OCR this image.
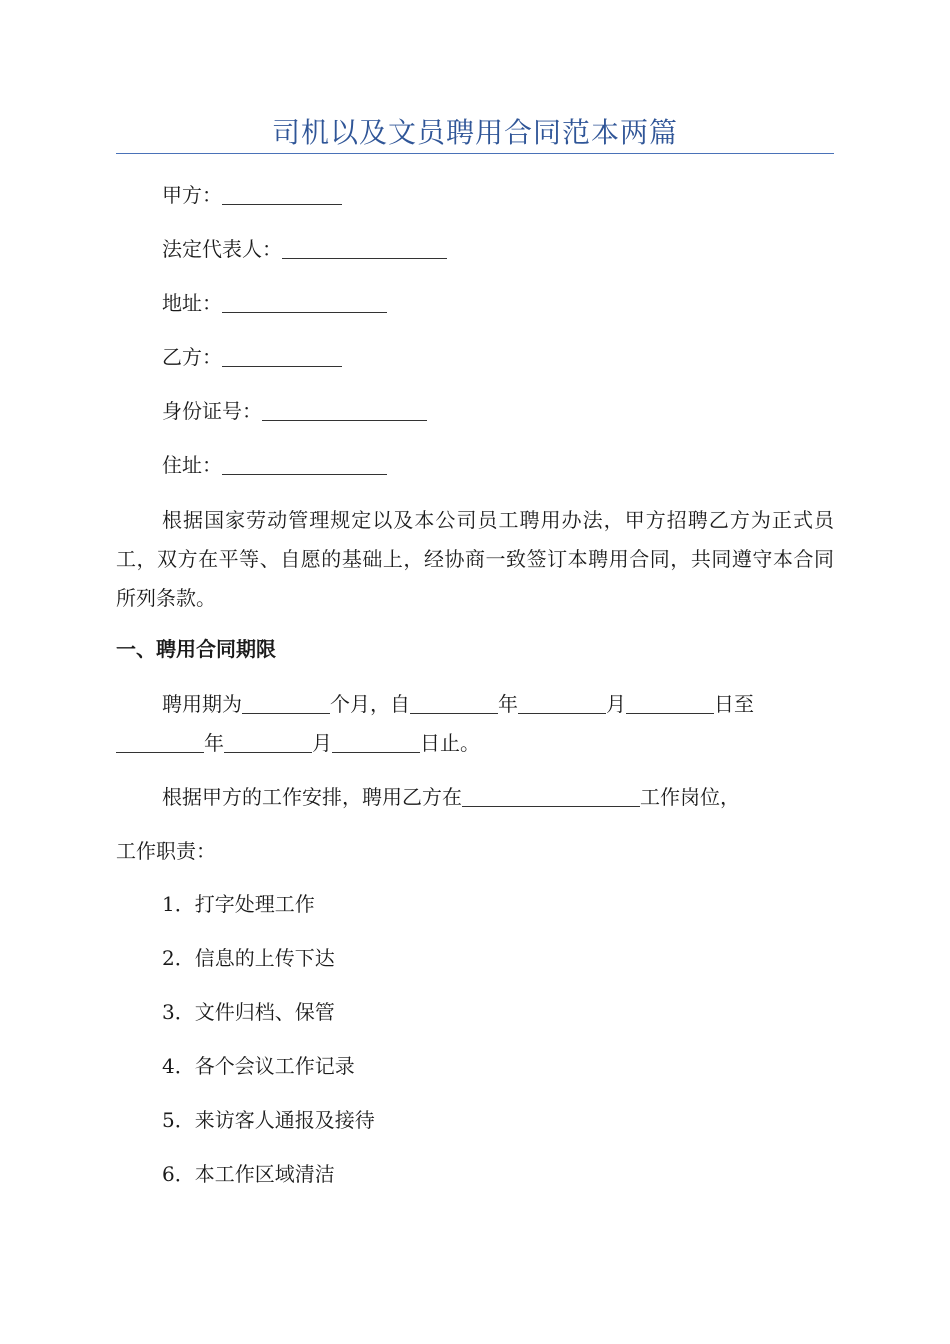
司机以及文员聘用合同范本两篇
甲方：
法定代表人：
地址：
乙方：
身份证号：
住址：
根据国家劳动管理规定以及本公司员工聘用办法，甲方招聘乙方为正式员工，双方在平等、自愿的基础上，经协商一致签订本聘用合同，共同遵守本合同所列条款。
一、聘用合同期限
聘用期为	个月，自	年	月	日至
年	月	日止。
根据甲方的工作安排，聘用乙方在	工作岗位，
工作职责：
1．打字处理工作
2．信息的上传下达
3．文件归档、保管
4．各个会议工作记录
5．来访客人通报及接待
6．本工作区域清洁
